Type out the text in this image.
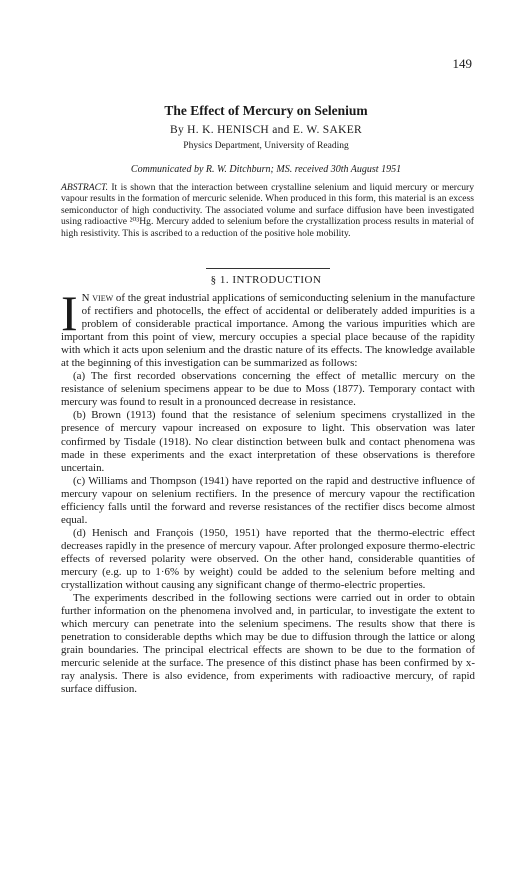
149
The Effect of Mercury on Selenium
By H. K. HENISCH and E. W. SAKER
Physics Department, University of Reading
Communicated by R. W. Ditchburn; MS. received 30th August 1951
ABSTRACT. It is shown that the interaction between crystalline selenium and liquid mercury or mercury vapour results in the formation of mercuric selenide. When produced in this form, this material is an excess semiconductor of high conductivity. The associated volume and surface diffusion have been investigated using radioactive ²⁰³Hg. Mercury added to selenium before the crystallization process results in material of high resistivity. This is ascribed to a reduction of the positive hole mobility.
§ 1. INTRODUCTION

I N view of the great industrial applications of semiconducting selenium in the manufacture of rectifiers and photocells, the effect of accidental or deliberately added impurities is a problem of considerable practical importance. Among the various impurities which are important from this point of view, mercury occupies a special place because of the rapidity with which it acts upon selenium and the drastic nature of its effects. The knowledge available at the beginning of this investigation can be summarized as follows:

(a) The first recorded observations concerning the effect of metallic mercury on the resistance of selenium specimens appear to be due to Moss (1877). Temporary contact with mercury was found to result in a pronounced decrease in resistance.

(b) Brown (1913) found that the resistance of selenium specimens crystallized in the presence of mercury vapour increased on exposure to light. This observation was later confirmed by Tisdale (1918). No clear distinction between bulk and contact phenomena was made in these experiments and the exact interpretation of these observations is therefore uncertain.

(c) Williams and Thompson (1941) have reported on the rapid and destructive influence of mercury vapour on selenium rectifiers. In the presence of mercury vapour the rectification efficiency falls until the forward and reverse resistances of the rectifier discs become almost equal.

(d) Henisch and François (1950, 1951) have reported that the thermo-electric effect decreases rapidly in the presence of mercury vapour. After prolonged exposure thermo-electric effects of reversed polarity were observed. On the other hand, considerable quantities of mercury (e.g. up to 1·6% by weight) could be added to the selenium before melting and crystallization without causing any significant change of thermo-electric properties.

The experiments described in the following sections were carried out in order to obtain further information on the phenomena involved and, in particular, to investigate the extent to which mercury can penetrate into the selenium specimens. The results show that there is penetration to considerable depths which may be due to diffusion through the lattice or along grain boundaries. The principal electrical effects are shown to be due to the formation of mercuric selenide at the surface. The presence of this distinct phase has been confirmed by x-ray analysis. There is also evidence, from experiments with radioactive mercury, of rapid surface diffusion.
